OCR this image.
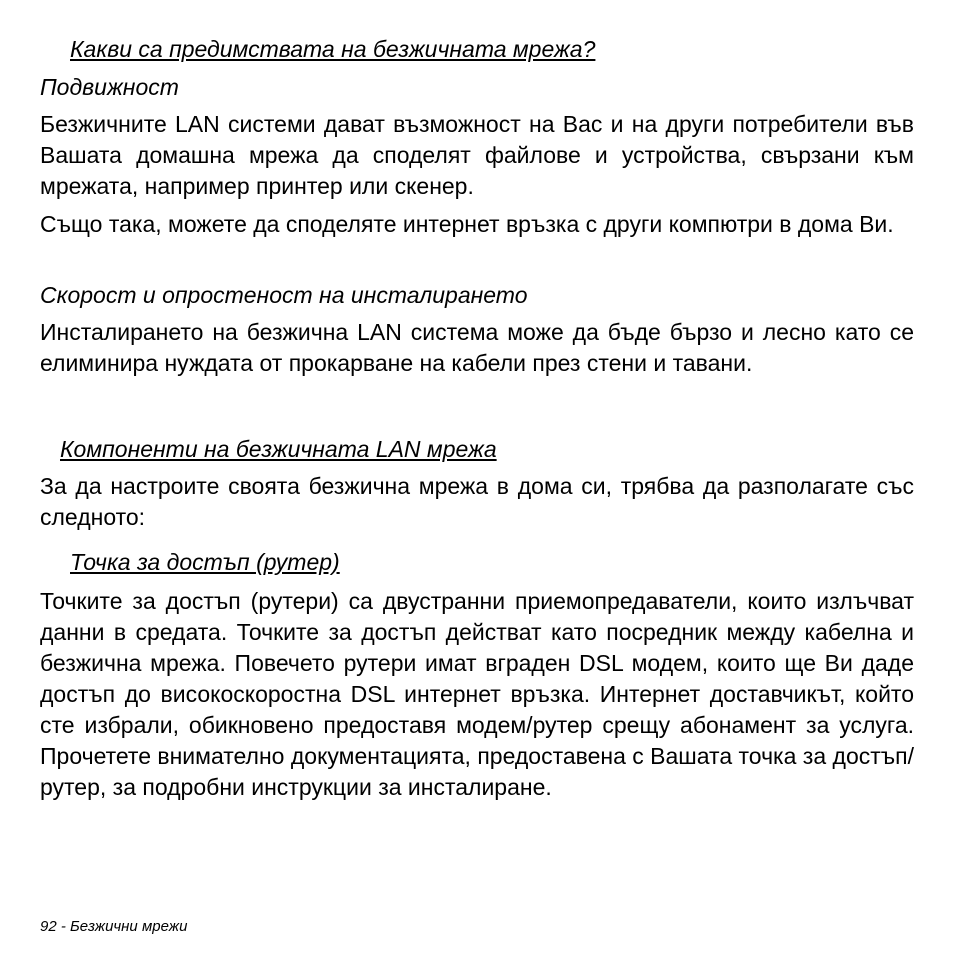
Какви са предимствата на безжичната мрежа?
Подвижност

Безжичните LAN системи дават възможност на Вас и на други потребители във Вашата домашна мрежа да споделят файлове и устройства, свързани към мрежата, например принтер или скенер.

Също така, можете да споделяте интернет връзка с други компютри в дома Ви.

Скорост и опростеност на инсталирането

Инсталирането на безжична LAN система може да бъде бързо и лесно като се елиминира нуждата от прокарване на кабели през стени и тавани.

Компоненти на безжичната LAN мрежа

За да настроите своята безжична мрежа в дома си, трябва да разполагате със следното:

Точка за достъп (рутер)

Точките за достъп (рутери) са двустранни приемопредаватели, които излъчват данни в средата. Точките за достъп действат като посредник между кабелна и безжична мрежа. Повечето рутери имат вграден DSL модем, които ще Ви даде достъп до високоскоростна DSL интернет връзка. Интернет доставчикът, който сте избрали, обикновено предоставя модем/рутер срещу абонамент за услуга. Прочетете внимателно документацията, предоставена с Вашата точка за достъп/рутер, за подробни инструкции за инсталиране.

92 - Безжични мрежи
